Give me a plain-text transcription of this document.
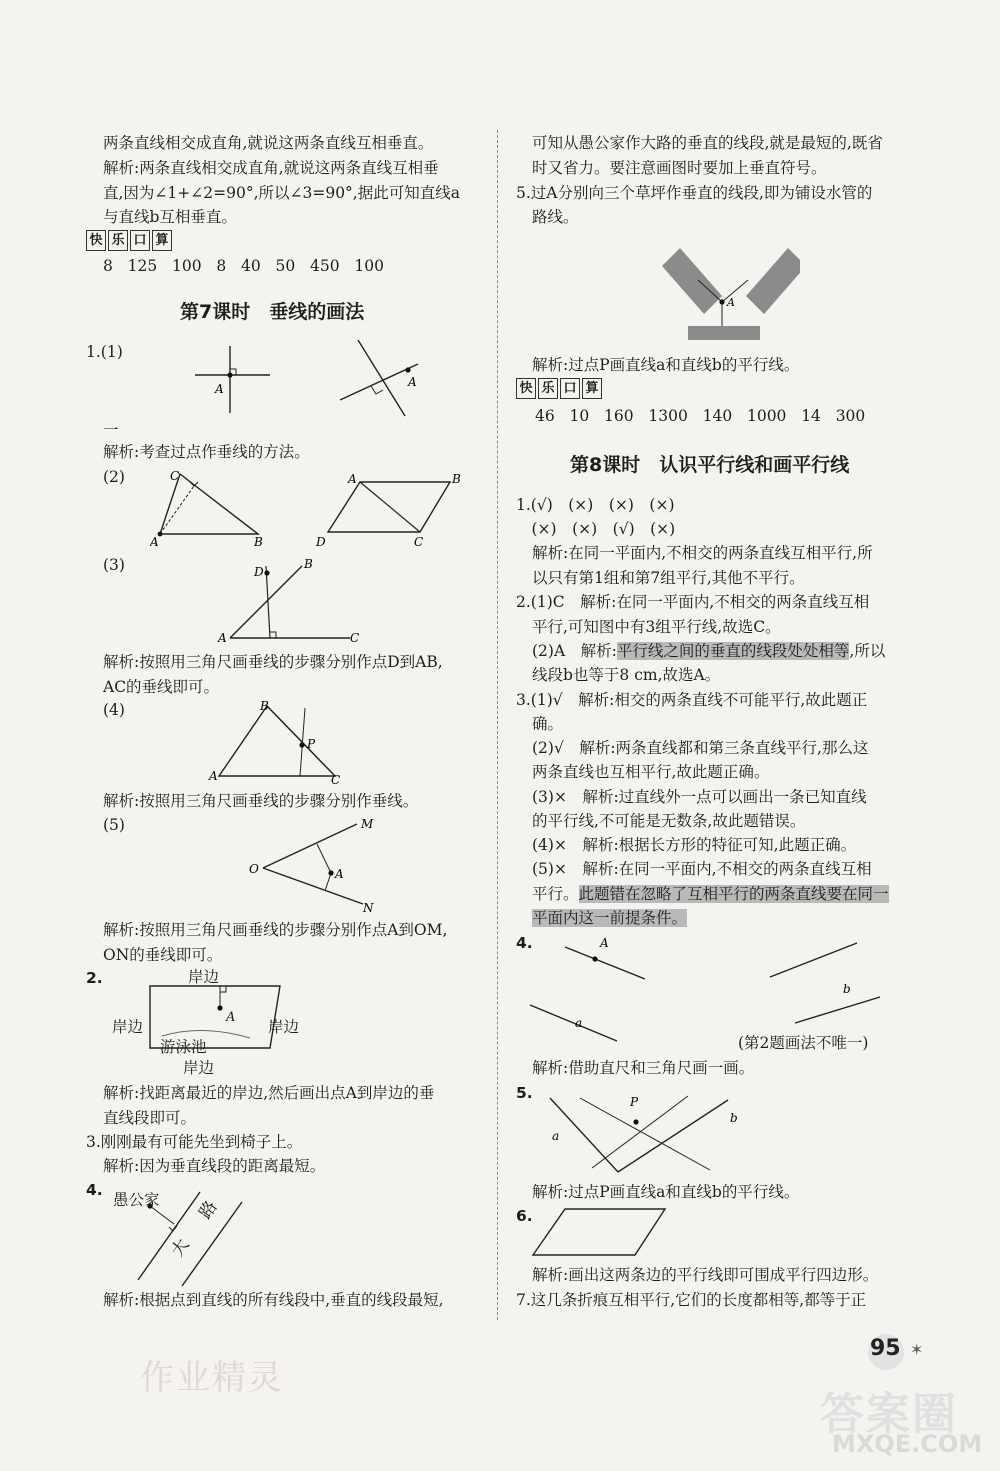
两条直线相交成直角,就说这两条直线互相垂直。
解析:两条直线相交成直角,就说这两条直线互相垂
直,因为∠1+∠2=90°,所以∠3=90°,据此可知直线a
与直线b互相垂直。
快 乐 口 算
8   125   100   8   40   50   450   100
第7课时　垂线的画法
1.(1)
A	A
一
解析:考查过点作垂线的方法。
(2)	C
A	B
A	B
D	C
(3)	D
B
A	C
解析:按照用三角尺画垂线的步骤分别作点D到AB,
AC的垂线即可。
(4)	B
P
A	C
解析:按照用三角尺画垂线的步骤分别作垂线。
(5)
O
M
A
N
解析:按照用三角尺画垂线的步骤分别作点A到OM,
ON的垂线即可。
2.	岸边
岸边	岸边
岸边
游泳池
A
解析:找距离最近的岸边,然后画出点A到岸边的垂
直线段即可。
3.刚刚最有可能先坐到椅子上。
解析:因为垂直线段的距离最短。
4.
愚公家
大
路
解析:根据点到直线的所有线段中,垂直的线段最短,
可知从愚公家作大路的垂直的线段,就是最短的,既省
时又省力。要注意画图时要加上垂直符号。
5.过A分别向三个草坪作垂直的线段,即为铺设水管的
路线。
A
解析:过点P画直线a和直线b的平行线。
快 乐 口 算
46   10   160   1300   140   1000   14   300
第8课时　认识平行线和画平行线
1.(√)　(×)　(×)　(×)
　(×)　(×)　(√)　(×)
解析:在同一平面内,不相交的两条直线互相平行,所
以只有第1组和第7组平行,其他不平行。
2.(1)C　解析:在同一平面内,不相交的两条直线互相
平行,可知图中有3组平行线,故选C。
(2)A　解析:平行线之间的垂直的线段处处相等,所以
线段b也等于8 cm,故选A。
3.(1)√　解析:相交的两条直线不可能平行,故此题正
确。
(2)√　解析:两条直线都和第三条直线平行,那么这
两条直线也互相平行,故此题正确。
(3)×　解析:过直线外一点可以画出一条已知直线
的平行线,不可能是无数条,故此题错误。
(4)×　解析:根据长方形的特征可知,此题正确。
(5)×　解析:在同一平面内,不相交的两条直线互相
平行。此题错在忽略了互相平行的两条直线要在同一
平面内这一前提条件。
4.	A
a
b
(第2题画法不唯一)
解析:借助直尺和三角尺画一画。
5.	P
a
b
解析:过点P画直线a和直线b的平行线。
6.
解析:画出这两条边的平行线即可围成平行四边形。
7.这几条折痕互相平行,它们的长度都相等,都等于正
作业精灵
95 ✶
答案圈
MXQE.COM
